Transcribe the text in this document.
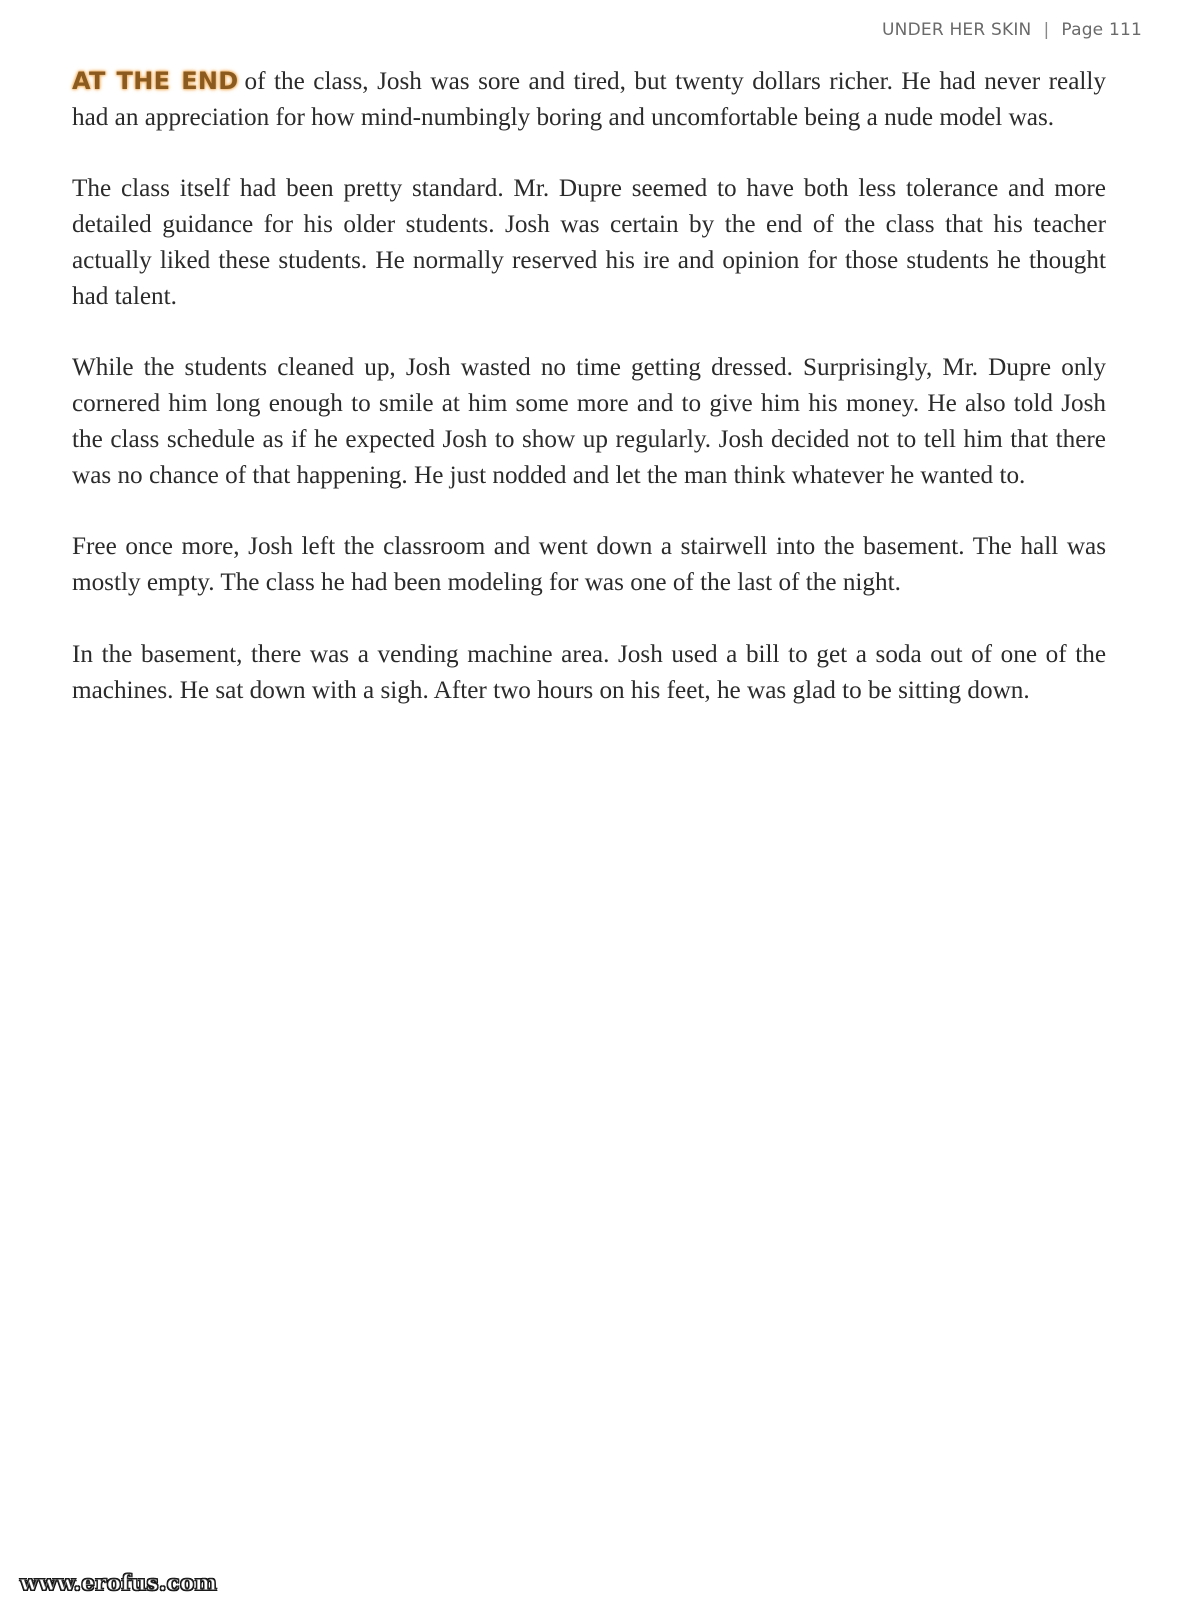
UNDER HER SKIN | Page 111

AT THE END of the class, Josh was sore and tired, but twenty dollars richer. He had never really had an appreciation for how mind-numbingly boring and uncomfortable being a nude model was.

The class itself had been pretty standard. Mr. Dupre seemed to have both less tolerance and more detailed guidance for his older students. Josh was certain by the end of the class that his teacher actually liked these students. He normally reserved his ire and opinion for those students he thought had talent.

While the students cleaned up, Josh wasted no time getting dressed. Surprisingly, Mr. Dupre only cornered him long enough to smile at him some more and to give him his money. He also told Josh the class schedule as if he expected Josh to show up regularly. Josh decided not to tell him that there was no chance of that happening. He just nodded and let the man think whatever he wanted to.

Free once more, Josh left the classroom and went down a stairwell into the basement. The hall was mostly empty. The class he had been modeling for was one of the last of the night.

In the basement, there was a vending machine area. Josh used a bill to get a soda out of one of the machines. He sat down with a sigh. After two hours on his feet, he was glad to be sitting down.

www.erofus.com
